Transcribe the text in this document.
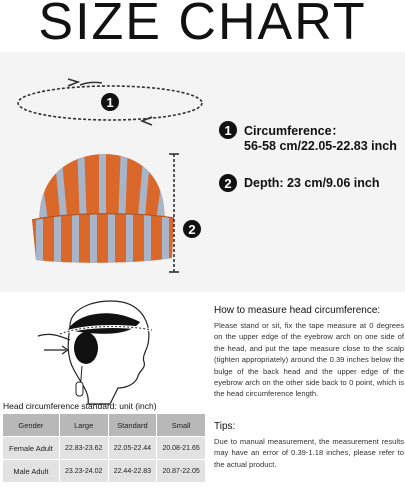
SIZE CHART
1
2
1 Circumference：
56-58 cm/22.05-22.83 inch
2 Depth: 23 cm/9.06 inch
Head circumference standard: unit (inch)
Gender	Large	Standard	Small
Female Adult	22.83-23.62	22.05-22.44	20.08-21.65
Male Adult	23.23-24.02	22.44-22.83	20.87-22.05
How to measure head circumference:
Please stand or sit, fix the tape measure at 0 degrees on the upper edge of the eyebrow arch on one side of the head, and put the tape measure close to the scalp (tighten appropriately) around the 0.39 inches below the bulge of the back head and the upper edge of the eyebrow arch on the other side back to 0 point, which is the head circumference length.
Tips:
Due to manual measurement, the measurement results may have an error of 0.39-1.18 inches, please refer to the actual product.
